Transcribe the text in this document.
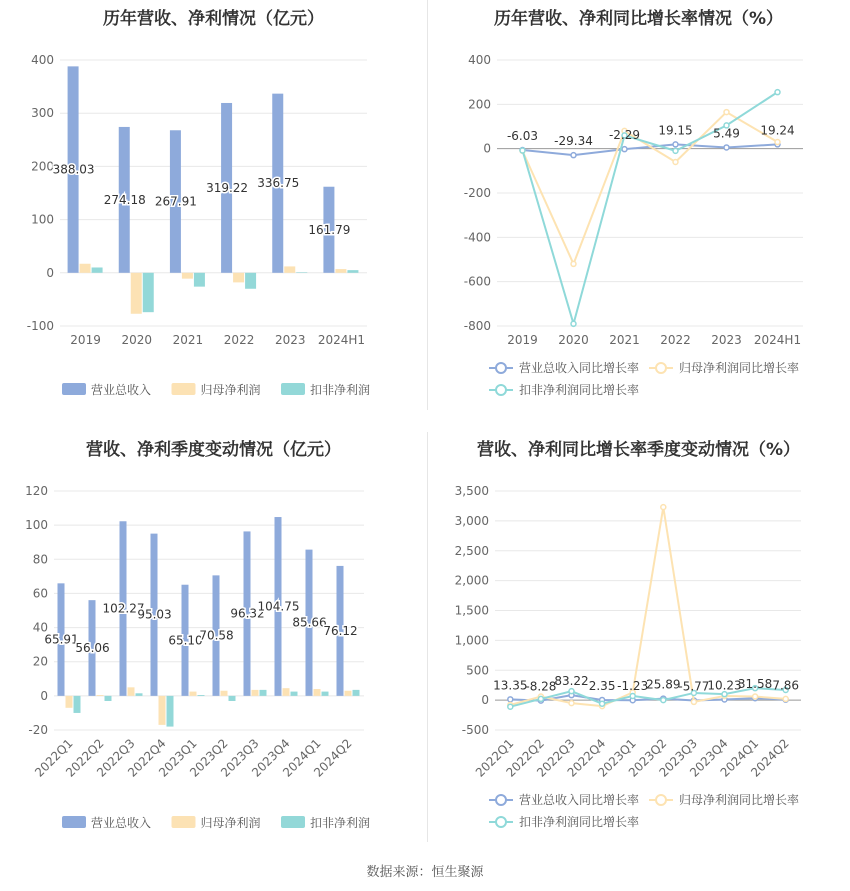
历年营收、净利情况（亿元）
-100
0
100
200
300
400
2019
388.03
2020
274.18
2021
267.91
2022
319.22
2023
336.75
2024H1
161.79
营业总收入	归母净利润	扣非净利润
历年营收、净利同比增长率情况（%）
-800
-600
-400
-200
0
200
400
2019 2020 2021 2022 2023 2024H1
-6.03 -29.34 -2.29 19.15 5.49 19.24
营业总收入同比增长率	归母净利润同比增长率
扣非净利润同比增长率
营收、净利季度变动情况（亿元）
-20
0
20
40
60
80
100
120
2022Q1
65.91
2022Q2
56.06
2022Q3
102.27
2022Q4
95.03
2023Q1
65.10
2023Q2
70.58
2023Q3
96.32
2023Q4
104.75
2024Q1
85.66
2024Q2
76.12
营业总收入	归母净利润	扣非净利润
营收、净利同比增长率季度变动情况（%）
-500
0
500
1,000
1,500
2,000
2,500
3,000
3,500
2022Q1
2022Q2
2022Q3
2022Q4
2023Q1
2023Q2
2023Q3
2023Q4
2024Q1
2024Q2
13.35
-8.28
83.22 2.35 -1.23
25.89
-5.77
10.23
31.58 7.86
营业总收入同比增长率	归母净利润同比增长率
扣非净利润同比增长率
数据来源：恒生聚源
